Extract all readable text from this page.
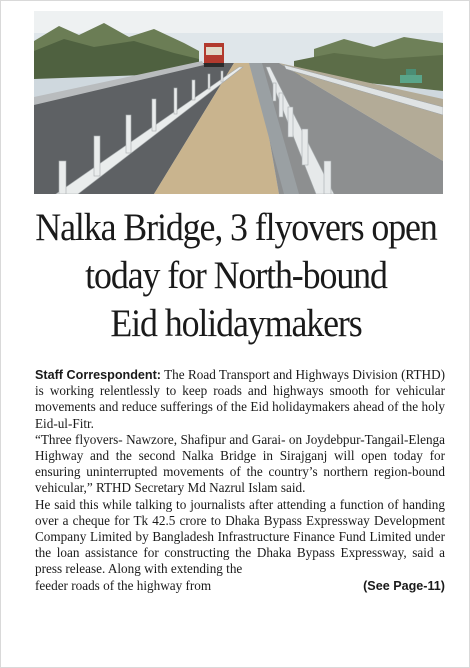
Nalka Bridge, 3 flyovers open
today for North-bound
Eid holidaymakers

Staff Correspondent: The Road Transport and Highways Division (RTHD) is working relentlessly to keep roads and highways smooth for vehicular movements and reduce sufferings of the Eid holidaymakers ahead of the holy Eid-ul-Fitr.

“Three flyovers- Nawzore, Shafipur and Garai- on Joydebpur-Tangail-Elenga Highway and the second Nalka Bridge in Sirajganj will open today for ensuring uninterrupted movements of the country’s northern region-bound vehicular,” RTHD Secretary Md Nazrul Islam said.

He said this while talking to journalists after attending a function of handing over a cheque for Tk 42.5 crore to Dhaka Bypass Expressway Development Company Limited by Bangladesh Infrastructure Finance Fund Limited under the loan assistance for constructing the Dhaka Bypass Expressway, said a press release. Along with extending the

feeder roads of the highway from	(See Page-11)
